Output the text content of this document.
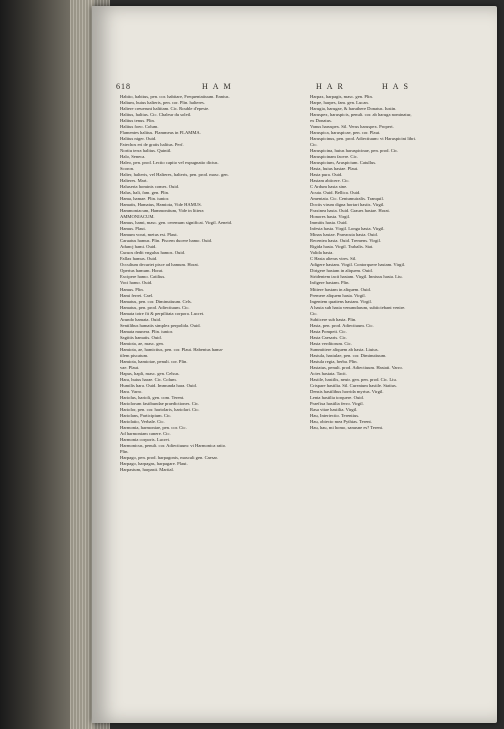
618	HAM	HAR	HAS
Habito, habitus, pen. cor. habitare, Frequentatiuum. Ennius.
Haltum, huius halteris, pen. cor. Plin. halteres.
Haltere creuerunt haltitam. Cic. Rouble d'epeste.
Halitus, halitus. Cic. Chaleur du soleil.
Halitus tenus. Plin.
Halitus foeo. Colum.
Flamentes halitus. Flammeus in FLAMMA.
Halitus niger. Ouid.
Fatechos eri de gratis halitus. Perf.
Nortiu terra halitus. Quintil.
Halo, Seneca.
Haleo, pen. prod. Lectio capito vel expugnatio dictus.
Scoron.
Halter, halteris, vel Halteres, halteris, pen. prod. masc. gen.
Halteres. Mart.
Haluseria hominis comes. Ouid.
Halus, hali, fam. gen. Plin.
Hama, hamae. Plin. iunior.
Hamatis, Hamatus, Hamiota, Vide HAMUS.
Hammoniacum, Hammonitum, Vide in littera
AMMONIACUM.
Hamus, hami, masc. gen. ceremum significat. Virgil. Aeneid.
Hamus. Plaut.
Hamum vorat, metus est. Plaut.
Caruatus hamus. Plin. Piscem ducere hamo. Ouid.
Aduncj hami. Ouid.
Curuos dedit vngulus hamos. Ouid.
Fallax hamus. Ouid.
Occultum decurtet pisce ad hamum. Horat.
Opertus hamum. Horat.
Excipere hamo. Catilius.
Voci hamo. Ouid.
Hamus. Plin.
Hami ferrei. Cael.
Hamatus, pen. cor. Diminutiuum. Cels.
Hamatus, pen. prod. Adiectiuum. Cic.
Hamata totre fit & perpilitata corpora. Lucret.
Arundo hamata. Ouid.
Sentilibus hamatis simplex perpolida. Ouid.
Hamata munera. Plin. iunior.
Sagittis hamatis. Ouid.
Hamiota, ae, masc. gen.
Hamiota, ae, hamictius, pen. cor. Plaut. Habentus hama-
tilem piscatum.
Hamiota, hamiotae, penult. cor. Plin.
vae. Plaut.
Hapus, hapli, masc. gen. Celsus.
Hara, huius harae. Cic. Colum.
Humilis hara. Ouid. Immunda hara. Ouid.
Hara. Varro.
Hariolus, harioli, gen. com. Terent.
Hariolorum fastibundae praedictiones. Cic.
Hariolor, pen. cor. hariolaris, hariolari. Cic.
Hariolans, Participium. Cic.
Hariolatio, Verbale. Cic.
Harmonia, harmoniae, pen. cor. Cic.
Ad harmoniam canere. Cic.
Harmonia corporis. Lucret.
Harmonicus, penult. cor. Adiectiuum: vt Harmonica ratio.
Plin.
Harpago, pen. prod. harpagonis, masculi gen. Caesar.
Harpago, harpagas, harpagare. Plaut.
Harpastum, harpasti. Martial.
Harpax, harpagis, masc. gen. Plin.
Harpe, harpes, fam. gen. Lucan.
Harugia, harugae, & haruthere Donatus. Iustin.
Haruspex, haruspicis, penult. cor. ab haruga nominatur,
ex Donatus.
Vanus haruspex. Sil. Verus haruspex. Propert.
Haruspica, haruspicae, pen. cor. Plaut.
Haruspicinus, pen. prod. Adiectiuum: vt Haruspicini libri.
Cic.
Haruspicina, huius haruspicinae, pen. prod. Cic.
Haruspicinam facere. Cic.
Haruspicium, Aruspicium. Catullus.
Hasta, huius hastae. Plaut.
Hasta pura. Ouid.
Hastam abiicere. Cic.
C Ardum hasta sine.
Acuta. Ouid. Bellica. Ouid.
Amentata. Cic. Centumuiralis. Tranquil.
Doctis virum digna hortari hastis. Virgil.
Fraxinea hasta. Ouid. Graues hastae. Horat.
Honores hasta. Virgil.
Immitis hasta. Ouid.
Infesta hasta. Virgil. Longa hasta. Virgil.
Minax hastae. Praeacuta hasta. Ouid.
Recentea hasta. Ouid. Tremens. Virgil.
Rigida hasta. Virgil. Trabalis. Stat.
Valida hasta.
C Hasta alteras vires. Sil.
Adigere hastam. Virgil. Contorquere hastam. Virgil.
Dirigere hastam in aliquem. Ouid.
Stridentem iacit hastam. Virgil. Innixus hasta. Liu.
Infigere hastam. Plin.
Mittere hastam in aliquem. Ouid.
Premere aliquem hasta. Virgil.
Ingentem quatiens hastam. Virgil.
A hasta sub hasta venumdarum, subiiciebant venire.
Cic.
Subiicere sub hasta. Plin.
Hasta, pen. prod. Adiectiuum. Cic.
Hasta Pompeii. Cic.
Hasta Caesaris. Cic.
Hasta verditorum. Cic.
Summittere aliquem ab hasta. Liuius.
Hastula, hastulae, pen. cor. Diminutiuum.
Hastula regia, herba. Plin.
Hastatus, penult. prod. Adiectiuum. Hastati. Varro.
Acies hastata. Tacit.
Hastile, hastilis, neutr. gen. pen. prod. Cic. Liu.
Crispare hastilia. Sil. Cureatum hastile. Statius.
Densis hastilibus horrida myrtus. Virgil.
Lenta hastilia torquere. Ouid.
Praefixa hastilia ferro. Virgil.
Rasa vitae hastilia. Virgil.
Hau, Interiectio. Terentius.
Hau, obiecto mea Pythias. Terent.
Hau, hau, mi homo, sanusne es? Terent.
